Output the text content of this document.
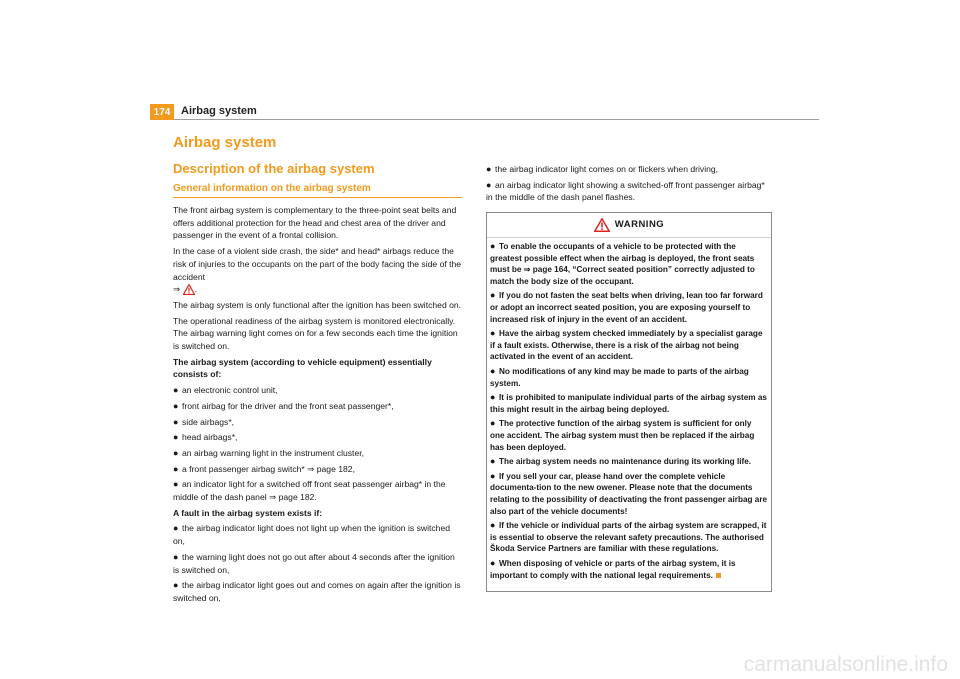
174 Airbag system
Airbag system
Description of the airbag system
General information on the airbag system

The front airbag system is complementary to the three-point seat belts and offers additional protection for the head and chest area of the driver and passenger in the event of a frontal collision.

In the case of a violent side crash, the side* and head* airbags reduce the risk of injuries to the occupants on the part of the body facing the side of the accident
⇒ .

The airbag system is only functional after the ignition has been switched on.

The operational readiness of the airbag system is monitored electronically. The airbag warning light comes on for a few seconds each time the ignition is switched on.

The airbag system (according to vehicle equipment) essentially consists of:

● an electronic control unit,
● front airbag for the driver and the front seat passenger*,
● side airbags*,
● head airbags*,
● an airbag warning light in the instrument cluster,
● a front passenger airbag switch* ⇒ page 182,
● an indicator light for a switched off front seat passenger airbag* in the middle of the dash panel ⇒ page 182.

A fault in the airbag system exists if:

● the airbag indicator light does not light up when the ignition is switched on,
● the warning light does not go out after about 4 seconds after the ignition is switched on,
● the airbag indicator light goes out and comes on again after the ignition is switched on,
● the airbag indicator light comes on or flickers when driving,
● an airbag indicator light showing a switched-off front passenger airbag* in the middle of the dash panel flashes.
WARNING
● To enable the occupants of a vehicle to be protected with the greatest possible effect when the airbag is deployed, the front seats must be ⇒ page 164, “Correct seated position” correctly adjusted to match the body size of the occupant.
● If you do not fasten the seat belts when driving, lean too far forward or adopt an incorrect seated position, you are exposing yourself to increased risk of injury in the event of an accident.
● Have the airbag system checked immediately by a specialist garage if a fault exists. Otherwise, there is a risk of the airbag not being activated in the event of an accident.
● No modifications of any kind may be made to parts of the airbag system.
● It is prohibited to manipulate individual parts of the airbag system as this might result in the airbag being deployed.
● The protective function of the airbag system is sufficient for only one accident. The airbag system must then be replaced if the airbag has been deployed.
● The airbag system needs no maintenance during its working life.
● If you sell your car, please hand over the complete vehicle documenta-tion to the new owener. Please note that the documents relating to the possibility of deactivating the front passenger airbag are also part of the vehicle documents!
● If the vehicle or individual parts of the airbag system are scrapped, it is essential to observe the relevant safety precautions. The authorised Škoda Service Partners are familiar with these regulations.
● When disposing of vehicle or parts of the airbag system, it is important to comply with the national legal requirements.
carmanualsonline.info
